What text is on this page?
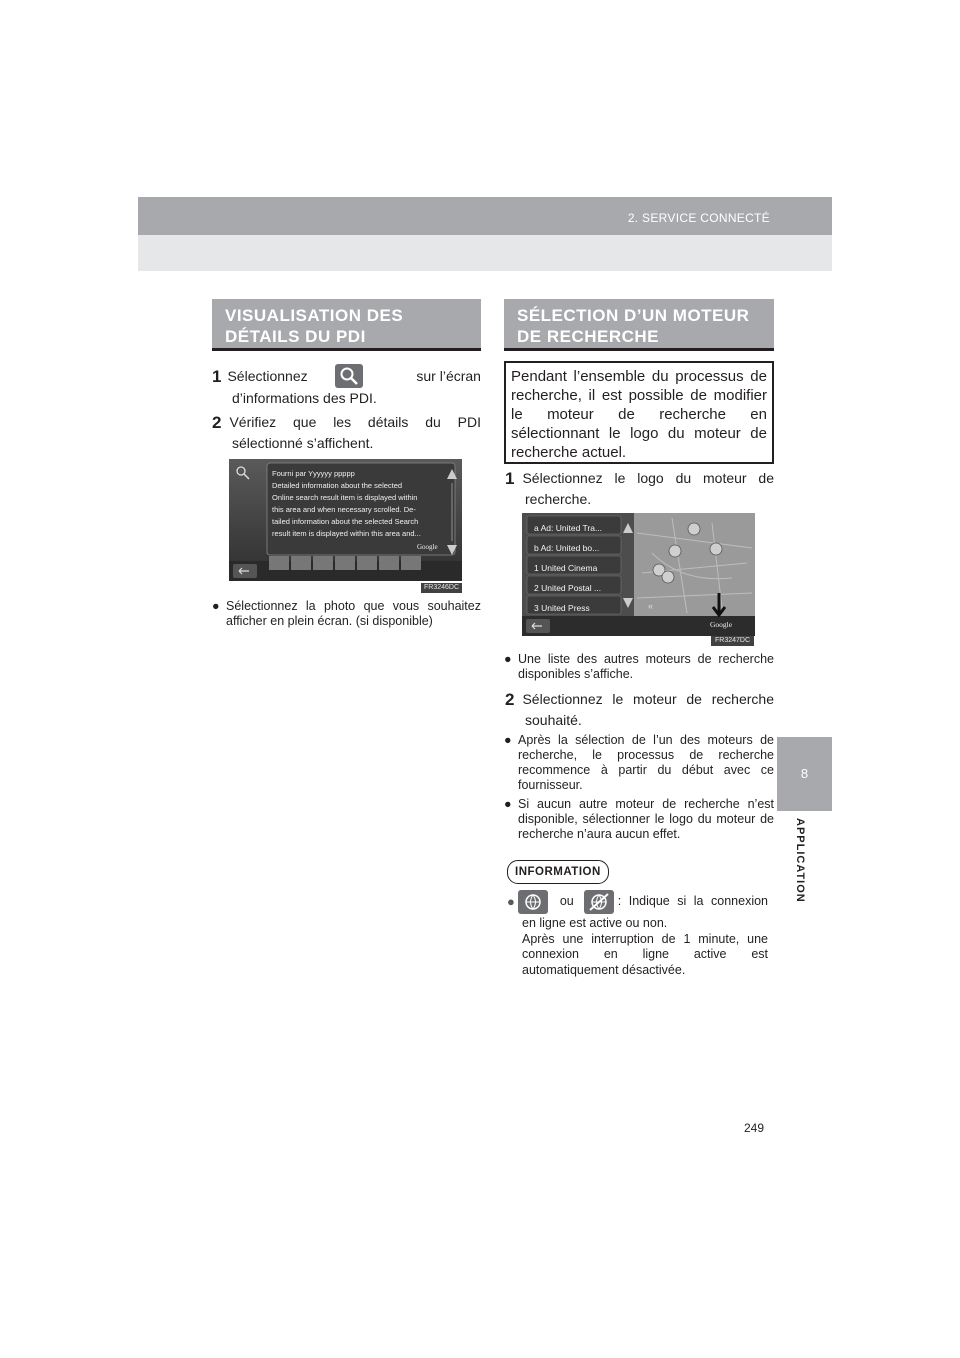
2. SERVICE CONNECTÉ
8
APPLICATION
VISUALISATION DES
DÉTAILS DU PDI
1 Sélectionnez	sur l’écran
d’informations des PDI.
2 Vérifiez que les détails du PDI
sélectionné s’affichent.
Fourni par Yyyyyy ppppp
Detailed information about the selected
Online search result item is displayed within
this area and when necessary scrolled. De-
tailed information about the selected Search
result item is displayed within this area and...
Google
FR3246DC
● Sélectionnez la photo que vous souhaitez afficher en plein écran. (si disponible)
SÉLECTION D’UN MOTEUR
DE RECHERCHE
Pendant l’ensemble du processus de recherche, il est possible de modifier le moteur de recherche en sélectionnant le logo du moteur de recherche actuel.
1 Sélectionnez le logo du moteur de
recherche.
«
a Ad: United Tra...
b Ad: United bo...
1 United Cinema
2 United Postal ...
3 United Press
Google
FR3247DC
● Une liste des autres moteurs de recherche disponibles s’affiche.
2 Sélectionnez le moteur de recherche
souhaité.
● Après la sélection de l’un des moteurs de recherche, le processus de recherche recommence à partir du début avec ce fournisseur.
● Si aucun autre moteur de recherche n’est disponible, sélectionner le logo du moteur de recherche n’aura aucun effet.
INFORMATION
●	ou	: Indique si la connexion
en ligne est active ou non.
Après une interruption de 1 minute, une connexion en ligne active est automatiquement désactivée.
249
